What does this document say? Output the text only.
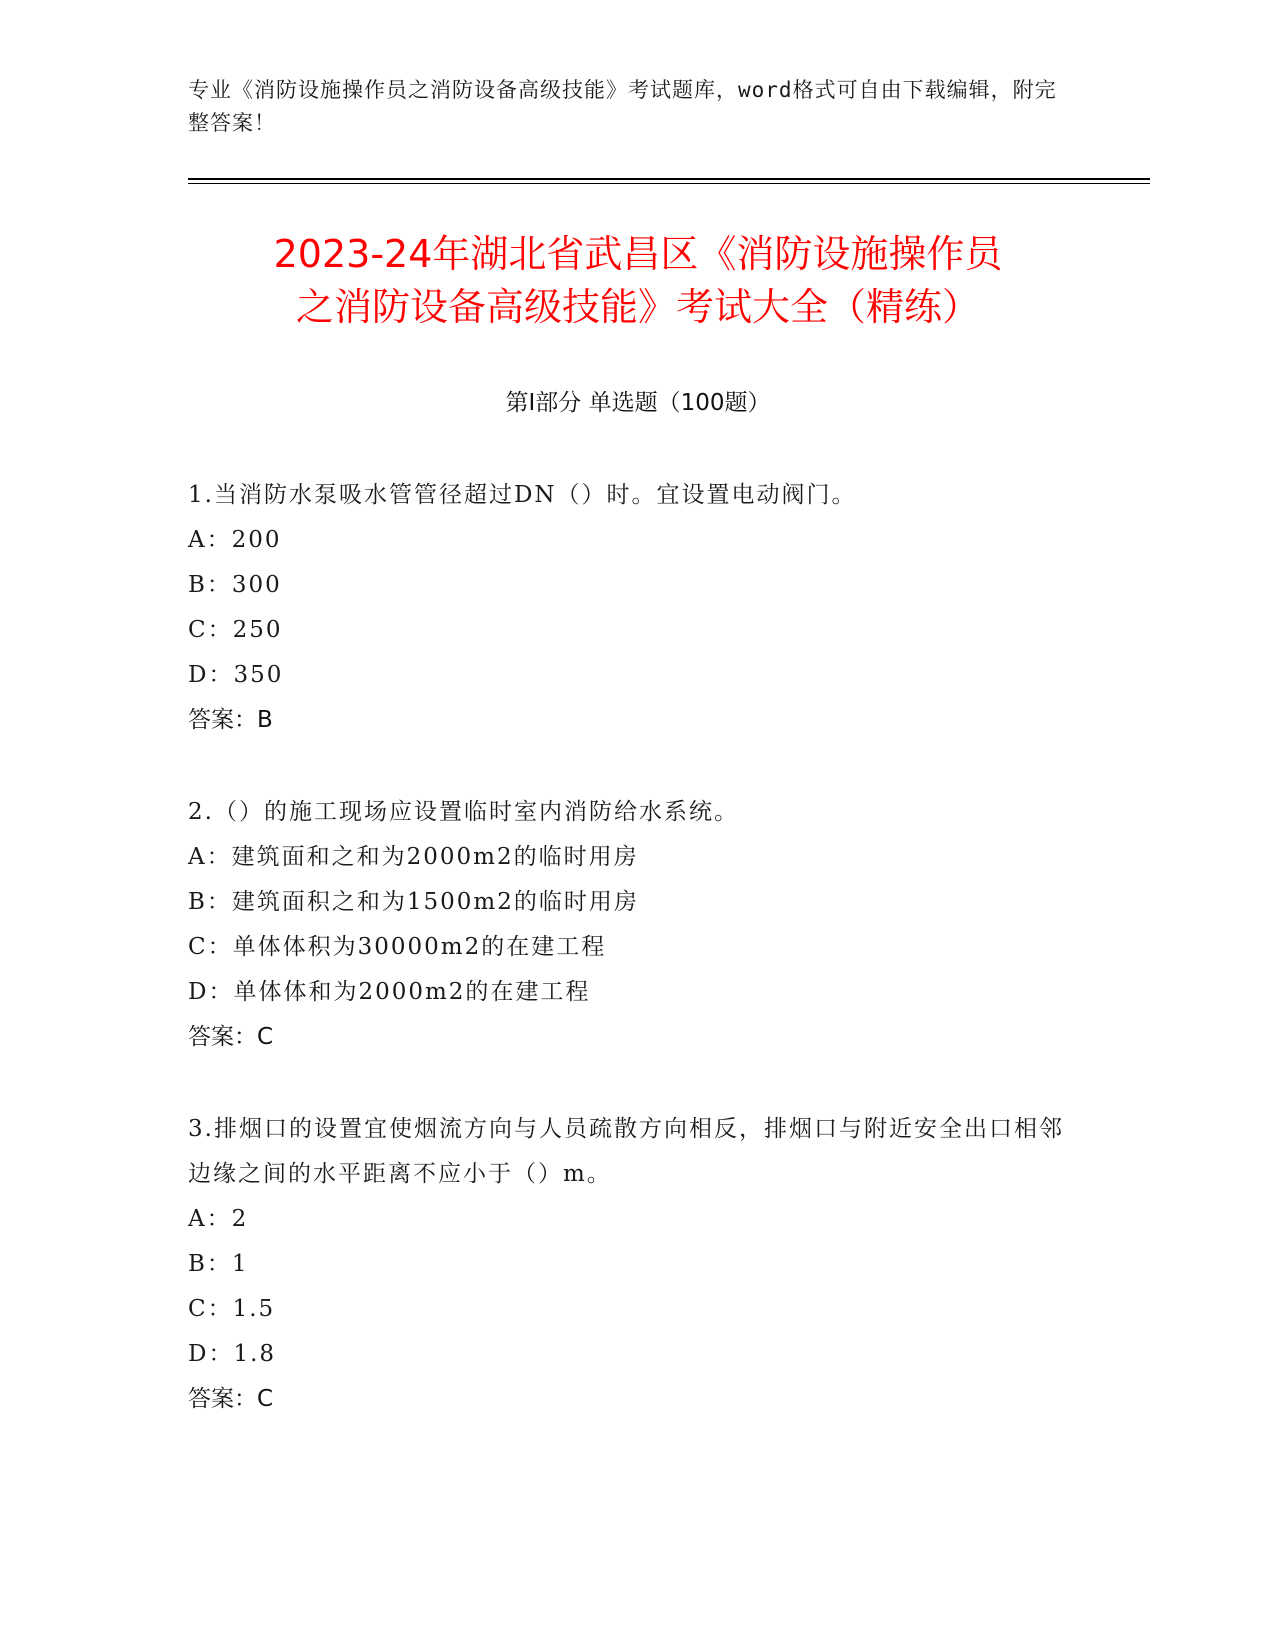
专业《消防设施操作员之消防设备高级技能》考试题库，word格式可自由下载编辑，附完整答案！
2023-24年湖北省武昌区《消防设施操作员
之消防设备高级技能》考试大全（精练）
第Ⅰ部分 单选题（100题）
1.当消防水泵吸水管管径超过DN（）时。宜设置电动阀门。
A：200
B：300
C：250
D：350
答案：B
2.（）的施工现场应设置临时室内消防给水系统。
A：建筑面和之和为2000m2的临时用房
B：建筑面积之和为1500m2的临时用房
C：单体体积为30000m2的在建工程
D：单体体和为2000m2的在建工程
答案：C
3.排烟口的设置宜使烟流方向与人员疏散方向相反，排烟口与附近安全出口相邻边缘之间的水平距离不应小于（）m。
A：2
B：1
C：1.5
D：1.8
答案：C
